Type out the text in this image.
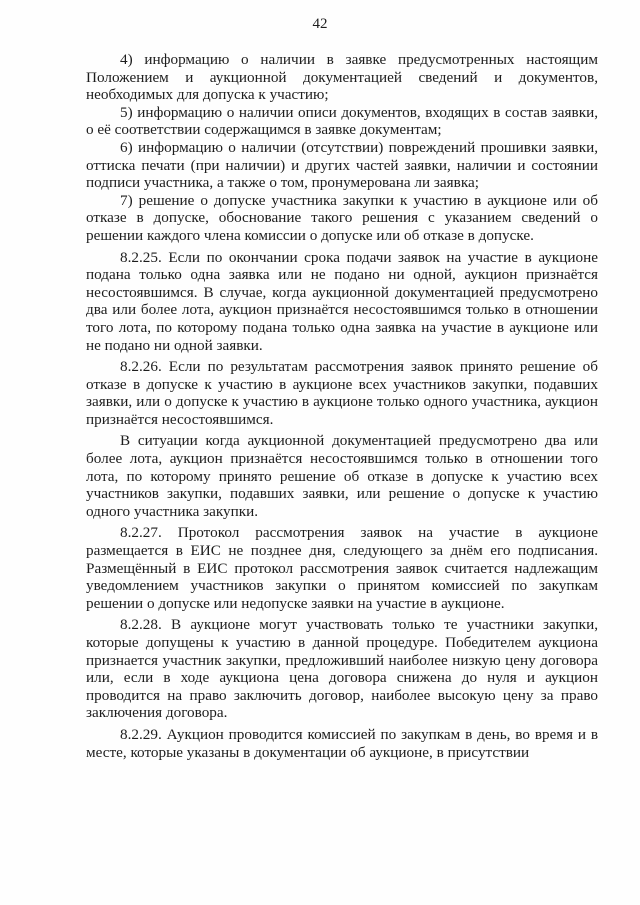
42

4) информацию о наличии в заявке предусмотренных настоящим Положением и аукционной документацией сведений и документов, необходимых для допуска к участию;

5) информацию о наличии описи документов, входящих в состав заявки, о её соответствии содержащимся в заявке документам;

6) информацию о наличии (отсутствии) повреждений прошивки заявки, оттиска печати (при наличии) и других частей заявки, наличии и состоянии подписи участника, а также о том, пронумерована ли заявка;

7) решение о допуске участника закупки к участию в аукционе или об отказе в допуске, обоснование такого решения с указанием сведений о решении каждого члена комиссии о допуске или об отказе в допуске.

8.2.25. Если по окончании срока подачи заявок на участие в аукционе подана только одна заявка или не подано ни одной, аукцион признаётся несостоявшимся. В случае, когда аукционной документацией предусмотрено два или более лота, аукцион признаётся несостоявшимся только в отношении того лота, по которому подана только одна заявка на участие в аукционе или не подано ни одной заявки.

8.2.26. Если по результатам рассмотрения заявок принято решение об отказе в допуске к участию в аукционе всех участников закупки, подавших заявки, или о допуске к участию в аукционе только одного участника, аукцион признаётся несостоявшимся.

В ситуации когда аукционной документацией предусмотрено два или более лота, аукцион признаётся несостоявшимся только в отношении того лота, по которому принято решение об отказе в допуске к участию всех участников закупки, подавших заявки, или решение о допуске к участию одного участника закупки.

8.2.27. Протокол рассмотрения заявок на участие в аукционе размещается в ЕИС не позднее дня, следующего за днём его подписания. Размещённый в ЕИС протокол рассмотрения заявок считается надлежащим уведомлением участников закупки о принятом комиссией по закупкам решении о допуске или недопуске заявки на участие в аукционе.

8.2.28. В аукционе могут участвовать только те участники закупки, которые допущены к участию в данной процедуре. Победителем аукциона признается участник закупки, предложивший наиболее низкую цену договора или, если в ходе аукциона цена договора снижена до нуля и аукцион проводится на право заключить договор, наиболее высокую цену за право заключения договора.

8.2.29. Аукцион проводится комиссией по закупкам в день, во время и в месте, которые указаны в документации об аукционе, в присутствии
